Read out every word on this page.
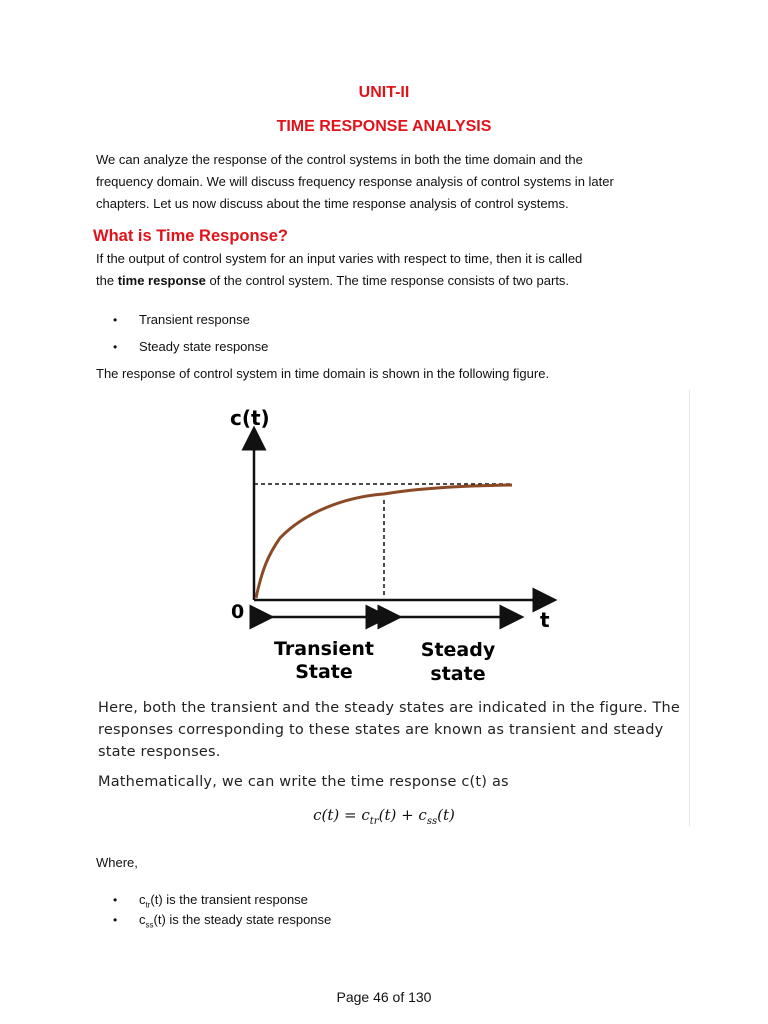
UNIT-II
TIME RESPONSE ANALYSIS
We can analyze the response of the control systems in both the time domain and the
frequency domain. We will discuss frequency response analysis of control systems in later
chapters. Let us now discuss about the time response analysis of control systems.
What is Time Response?
If the output of control system for an input varies with respect to time, then it is called
the time response of the control system. The time response consists of two parts.
• Transient response
• Steady state response
The response of control system in time domain is shown in the following figure.
c(t)
t
0
Transient
State
Steady
state
Here, both the transient and the steady states are indicated in the figure. The
responses corresponding to these states are known as transient and steady
state responses.
Mathematically, we can write the time response c(t) as
$c(t) = c_{tr}(t) + c_{ss}(t)$
Where,
• $c_{tr}(t)$ is the transient response
• $c_{ss}(t)$ is the steady state response
Page 46 of 130
